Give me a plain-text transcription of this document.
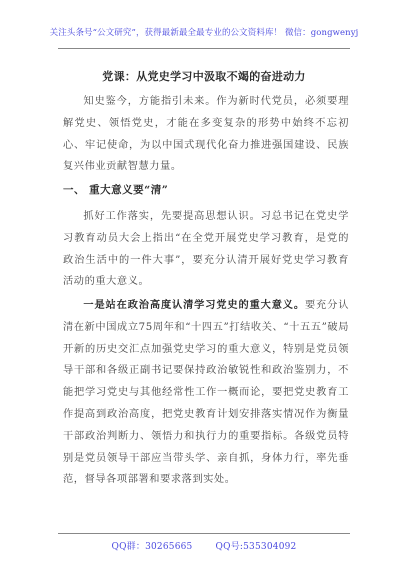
关注头条号“公文研究”，获得最新最全最专业的公文资料库！ 微信：gongwenyj
党课：从党史学习中汲取不竭的奋进动力
知史鉴今，方能指引未来。作为新时代党员，必须要理解党史、领悟党史，才能在多变复杂的形势中始终不忘初心、牢记使命，为以中国式现代化奋力推进强国建设、民族复兴伟业贡献智慧力量。
一、 重大意义要“清”
抓好工作落实，先要提高思想认识。习总书记在党史学习教育动员大会上指出“在全党开展党史学习教育，是党的政治生活中的一件大事”，要充分认清开展好党史学习教育活动的重大意义。
一是站在政治高度认清学习党史的重大意义。要充分认清在新中国成立75周年和“十四五”打结收关、“十五五”破局开新的历史交汇点加强党史学习的重大意义，特别是党员领导干部和各级正副书记要保持政治敏锐性和政治鉴别力，不能把学习党史与其他经常性工作一概而论，要把党史教育工作提高到政治高度，把党史教育计划安排落实情况作为衡量干部政治判断力、领悟力和执行力的重要指标。各级党员特别是党员领导干部应当带头学、亲自抓，身体力行，率先垂范，督导各项部署和要求落到实处。
QQ群：30265665	QQ号:535304092
